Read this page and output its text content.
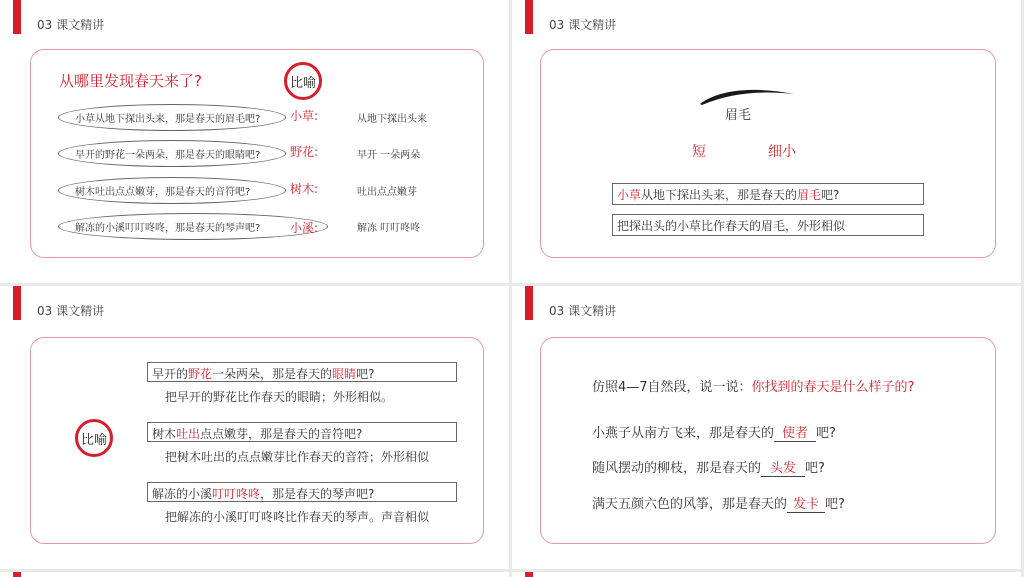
03 课文精讲
从哪里发现春天来了?	比喻
小草从地下探出头来，那是春天的眉毛吧? 小草:	从地下探出头来
早开的野花一朵两朵，那是春天的眼睛吧? 野花:	早开 一朵两朵
树木吐出点点嫩芽，那是春天的音符吧?	树木:	吐出点点嫩芽
解冻的小溪叮叮咚咚，那是春天的琴声吧? 小溪:	解冻 叮叮咚咚
03 课文精讲
眉毛
短	细小
小草从地下探出头来，那是春天的眉毛吧?
把探出头的小草比作春天的眉毛，外形相似
03 课文精讲
比喻
早开的野花一朵两朵，那是春天的眼睛吧?
把早开的野花比作春天的眼睛；外形相似。
树木吐出点点嫩芽，那是春天的音符吧?
把树木吐出的点点嫩芽比作春天的音符；外形相似
解冻的小溪叮叮咚咚，那是春天的琴声吧?
把解冻的小溪叮叮咚咚比作春天的琴声。声音相似
03 课文精讲
仿照4—7自然段，说一说：你找到的春天是什么样子的?
小燕子从南方飞来，那是春天的 使者 吧?
随风摆动的柳枝，那是春天的 头发 吧?
满天五颜六色的风筝，那是春天的 发卡 吧?
